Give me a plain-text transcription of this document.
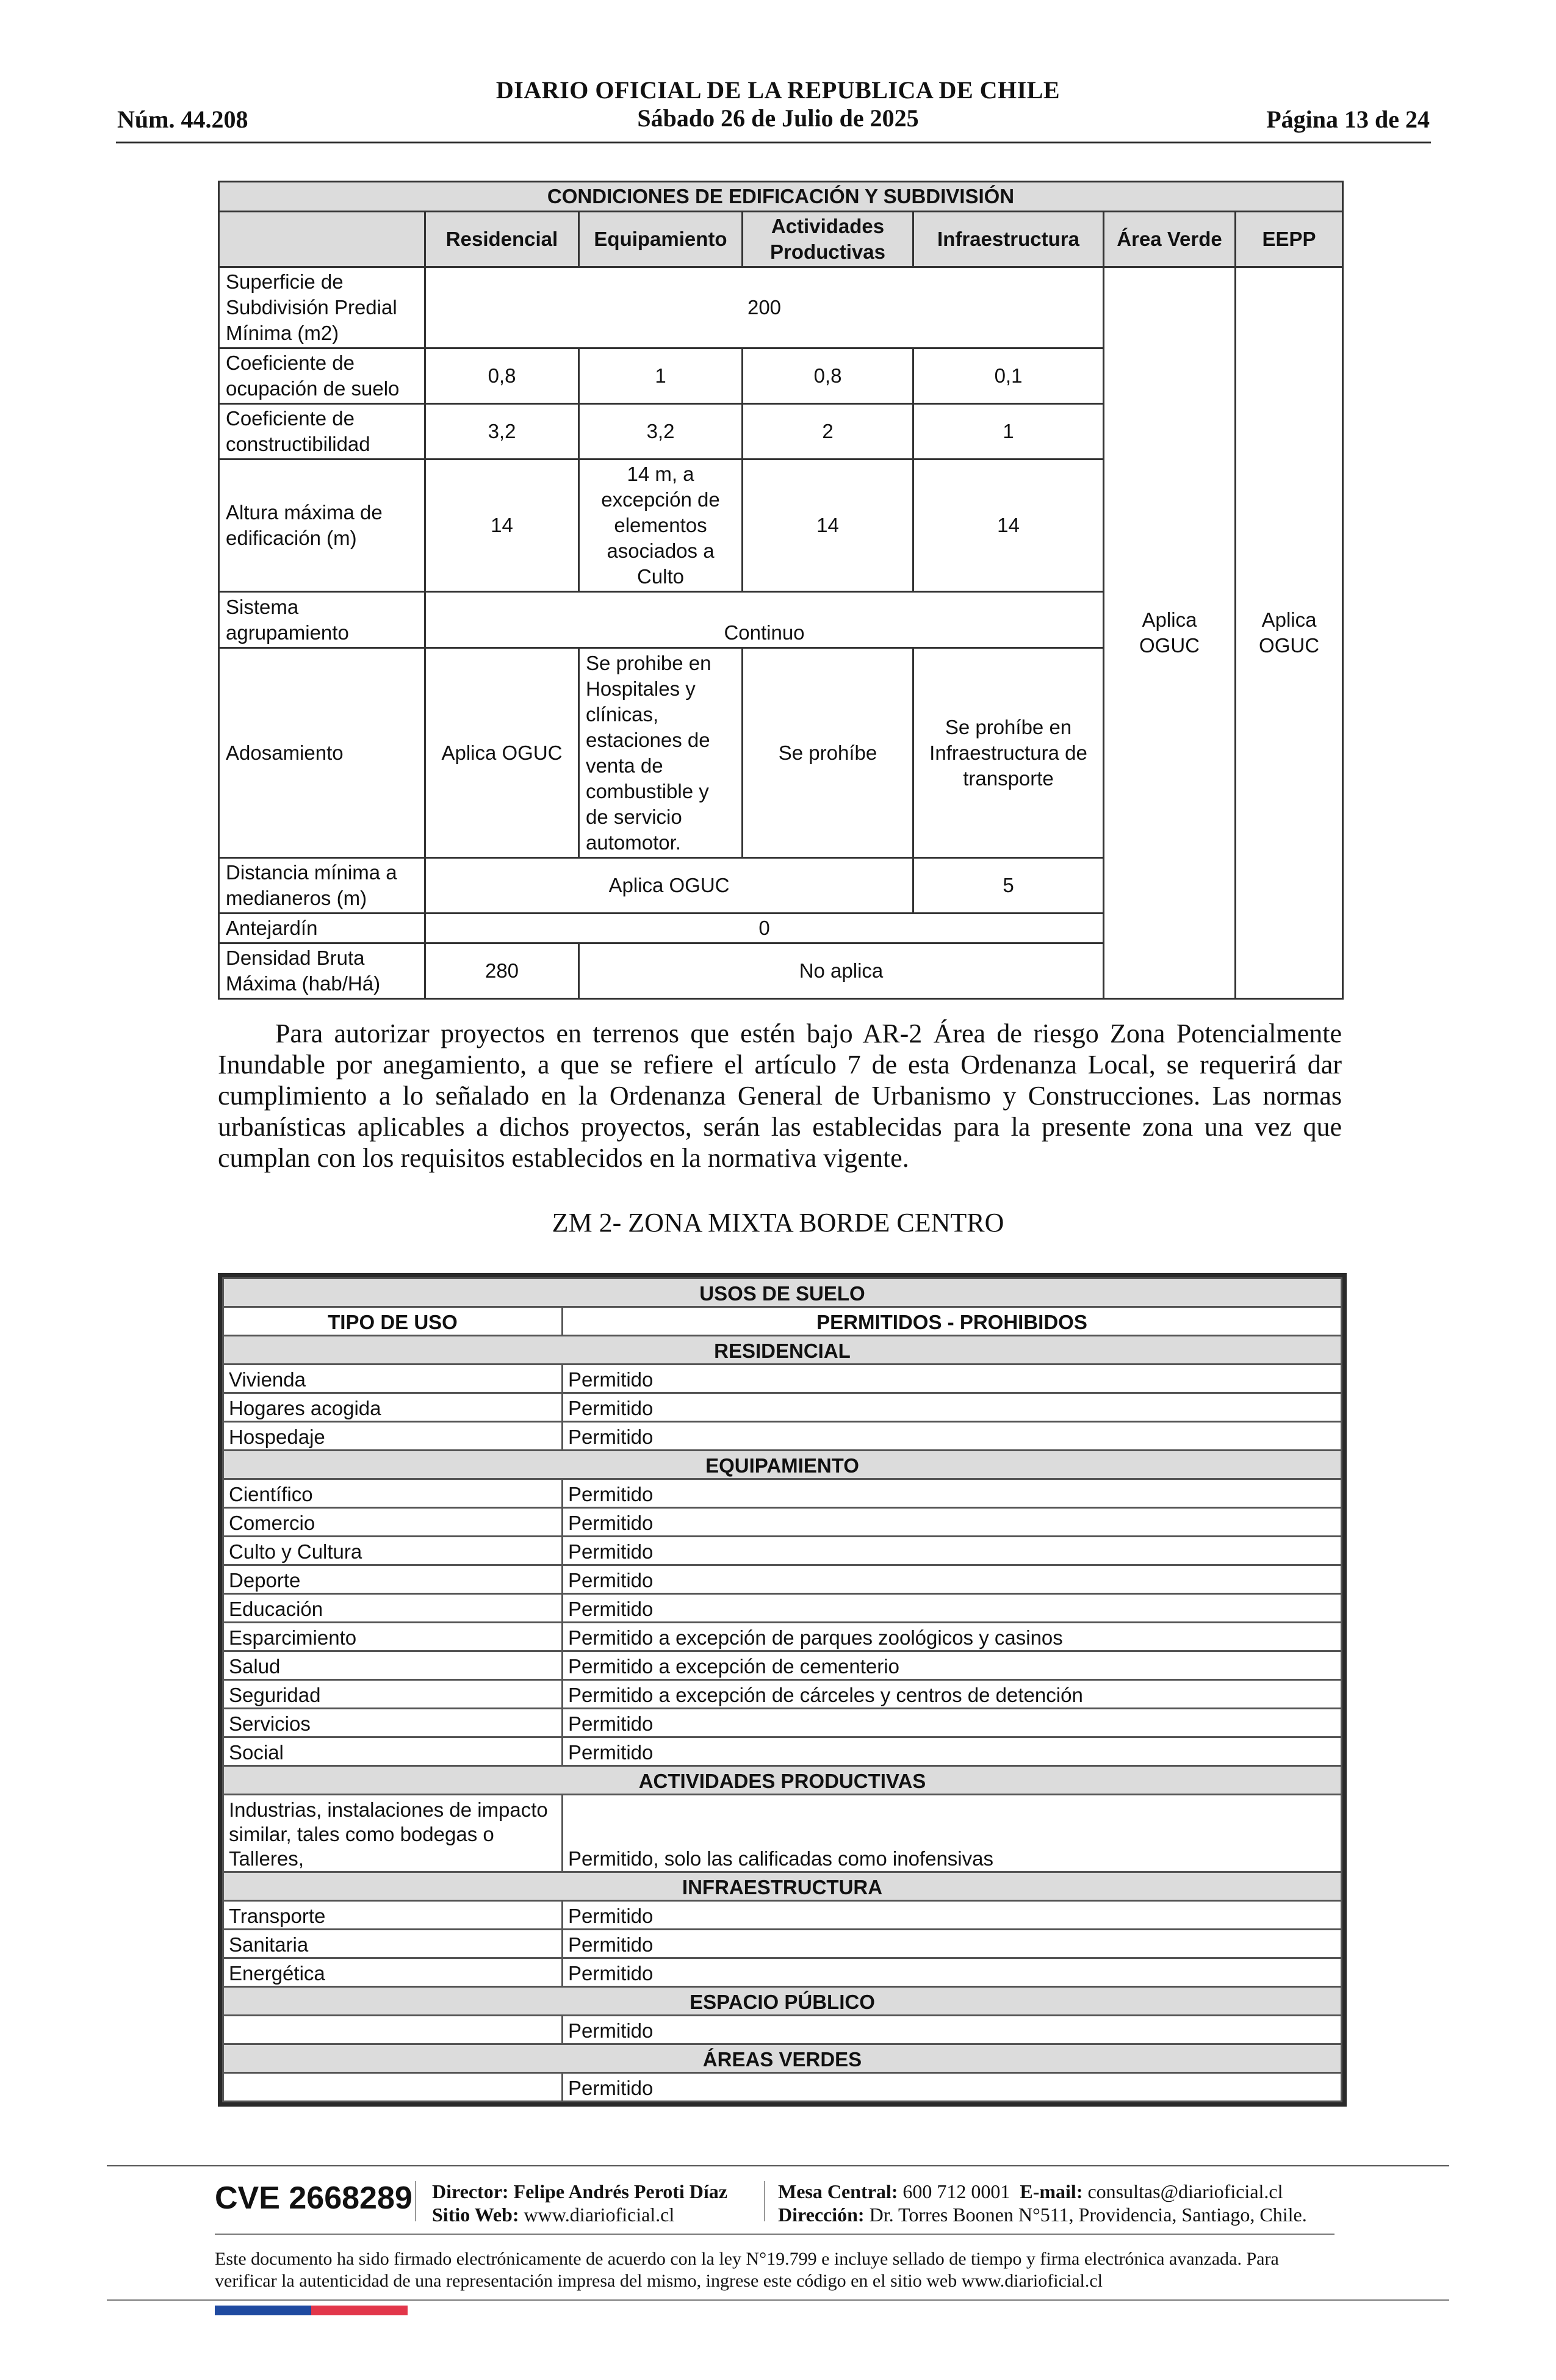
DIARIO OFICIAL DE LA REPUBLICA DE CHILE
Sábado 26 de Julio de 2025
Núm. 44.208	Página 13 de 24
CONDICIONES DE EDIFICACIÓN Y SUBDIVISIÓN						
	Residencial	Equipamiento	Actividades Productivas	Infraestructura	Área Verde	EEPP
Superficie de Subdivisión Predial Mínima (m2)	200				Aplica OGUC	Aplica OGUC
Coeficiente de ocupación de suelo	0,8	1	0,8	0,1		
Coeficiente de constructibilidad	3,2	3,2	2	1		
Altura máxima de edificación (m)	14	14 m, a excepción de elementos asociados a Culto	14	14		
Sistema agrupamiento	Continuo					
Adosamiento	Aplica OGUC	Se prohibe en Hospitales y clínicas, estaciones de venta de combustible y de servicio automotor.	Se prohíbe	Se prohíbe en Infraestructura de transporte		
Distancia mínima a medianeros (m)	Aplica OGUC			5		
Antejardín	0					
Densidad Bruta Máxima (hab/Há)	280	No aplica				
Para autorizar proyectos en terrenos que estén bajo AR-2 Área de riesgo Zona Potencialmente Inundable por anegamiento, a que se refiere el artículo 7 de esta Ordenanza Local, se requerirá dar cumplimiento a lo señalado en la Ordenanza General de Urbanismo y Construcciones. Las normas urbanísticas aplicables a dichos proyectos, serán las establecidas para la presente zona una vez que cumplan con los requisitos establecidos en la normativa vigente.
ZM 2- ZONA MIXTA BORDE CENTRO
USOS DE SUELO	
TIPO DE USO	PERMITIDOS - PROHIBIDOS
RESIDENCIAL	
Vivienda	Permitido
Hogares acogida	Permitido
Hospedaje	Permitido
EQUIPAMIENTO	
Científico	Permitido
Comercio	Permitido
Culto y Cultura	Permitido
Deporte	Permitido
Educación	Permitido
Esparcimiento	Permitido a excepción de parques zoológicos y casinos
Salud	Permitido a excepción de cementerio
Seguridad	Permitido a excepción de cárceles y centros de detención
Servicios	Permitido
Social	Permitido
ACTIVIDADES PRODUCTIVAS	
Industrias, instalaciones de impacto similar, tales como bodegas o Talleres,	Permitido, solo las calificadas como inofensivas
INFRAESTRUCTURA	
Transporte	Permitido
Sanitaria	Permitido
Energética	Permitido
ESPACIO PÚBLICO	
	Permitido
ÁREAS VERDES	
	Permitido
CVE 2668289 Director: Felipe Andrés Peroti Díaz
Sitio Web: www.diarioficial.cl
Mesa Central: 600 712 0001 E-mail: consultas@diarioficial.cl
Dirección: Dr. Torres Boonen N°511, Providencia, Santiago, Chile.
Este documento ha sido firmado electrónicamente de acuerdo con la ley N°19.799 e incluye sellado de tiempo y firma electrónica avanzada. Para verificar la autenticidad de una representación impresa del mismo, ingrese este código en el sitio web www.diarioficial.cl
